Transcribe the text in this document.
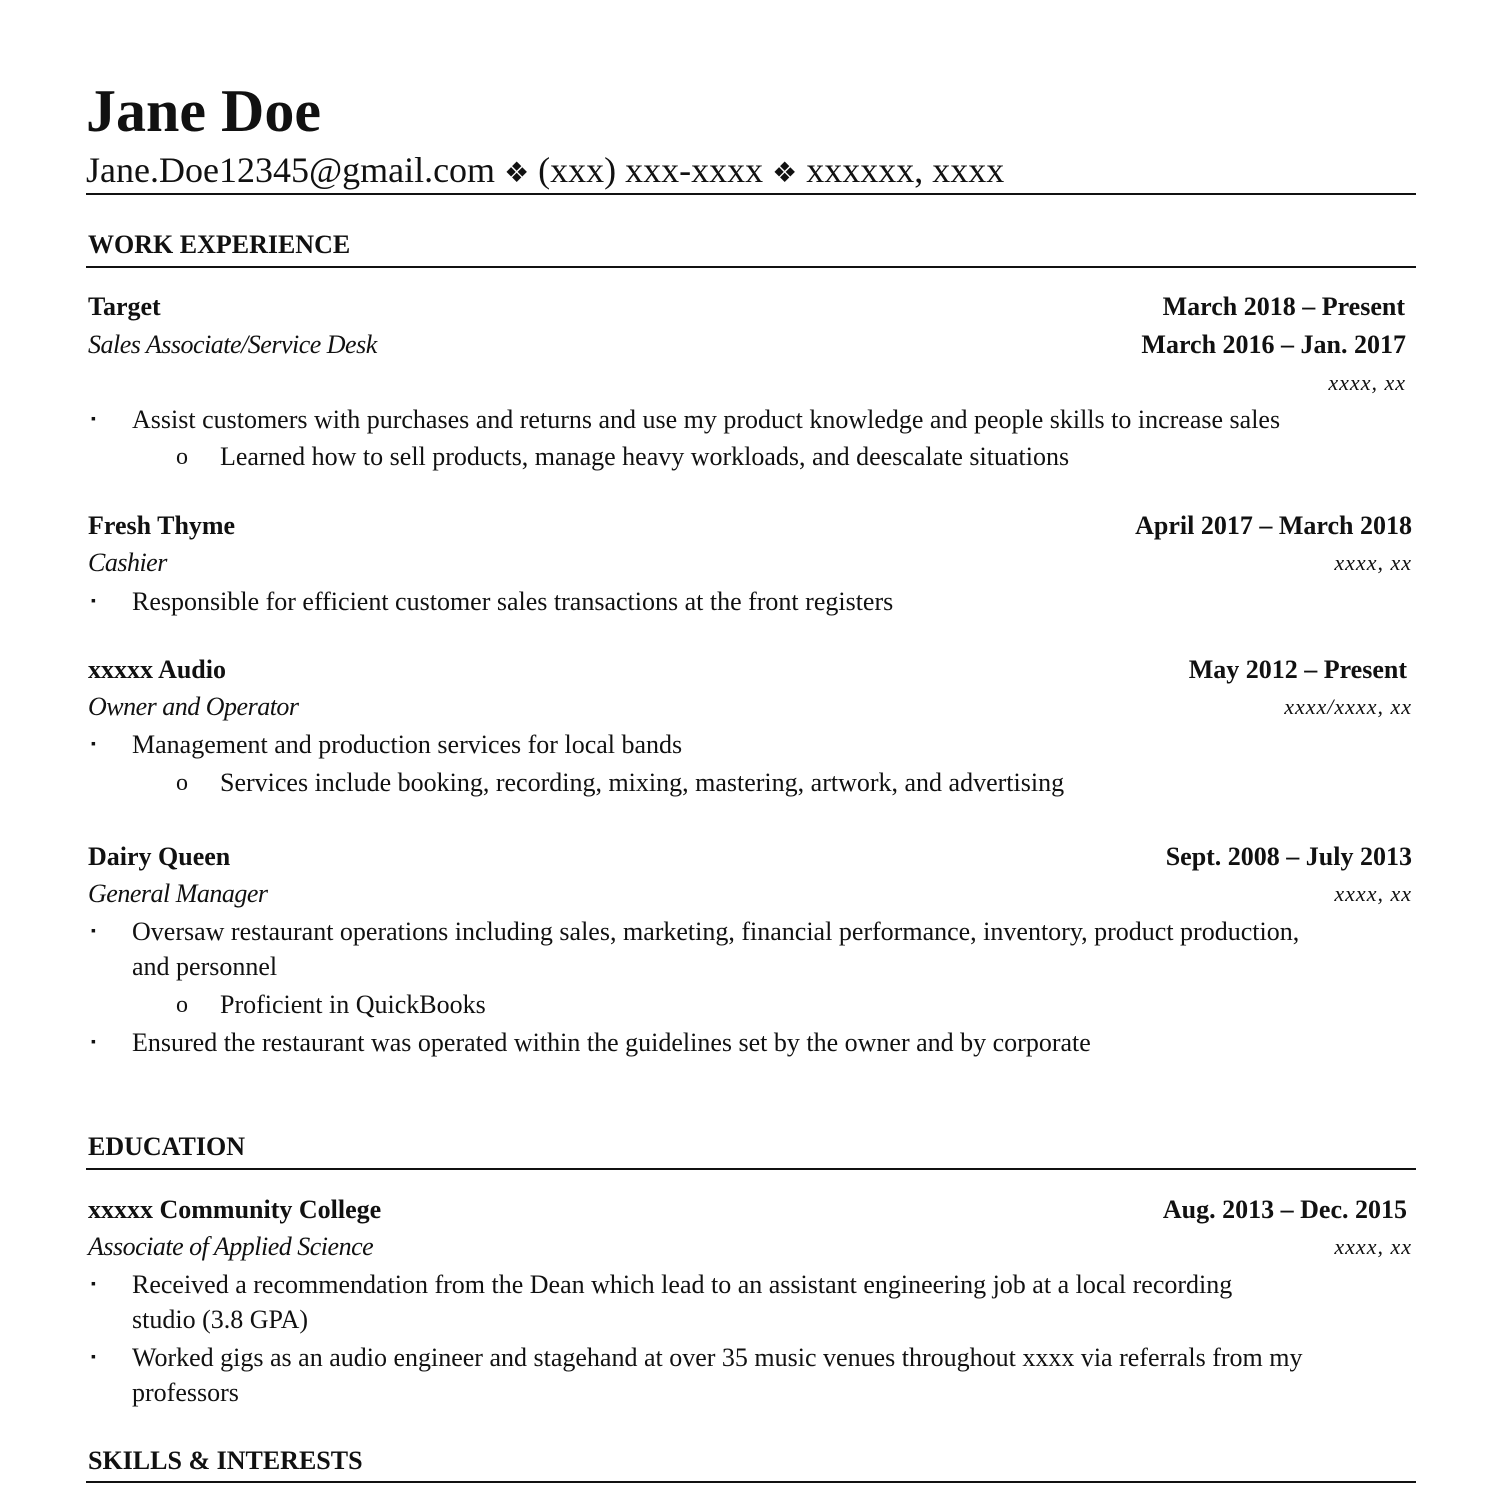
Jane Doe
Jane.Doe12345@gmail.com ❖ (xxx) xxx-xxxx ❖ xxxxxx, xxxx
WORK EXPERIENCE
Target	March 2018 – Present
Sales Associate/Service Desk	March 2016 – Jan. 2017
xxxx, xx
▪ Assist customers with purchases and returns and use my product knowledge and people skills to increase sales
o Learned how to sell products, manage heavy workloads, and deescalate situations
Fresh Thyme	April 2017 – March 2018
Cashier	xxxx, xx
▪ Responsible for efficient customer sales transactions at the front registers
xxxxx Audio	May 2012 – Present
Owner and Operator	xxxx/xxxx, xx
▪ Management and production services for local bands
o Services include booking, recording, mixing, mastering, artwork, and advertising
Dairy Queen	Sept. 2008 – July 2013
General Manager	xxxx, xx
▪ Oversaw restaurant operations including sales, marketing, financial performance, inventory, product production,
and personnel
o Proficient in QuickBooks
▪ Ensured the restaurant was operated within the guidelines set by the owner and by corporate
EDUCATION
xxxxx Community College	Aug. 2013 – Dec. 2015
Associate of Applied Science	xxxx, xx
▪ Received a recommendation from the Dean which lead to an assistant engineering job at a local recording
studio (3.8 GPA)
▪ Worked gigs as an audio engineer and stagehand at over 35 music venues throughout xxxx via referrals from my
professors
SKILLS & INTERESTS
